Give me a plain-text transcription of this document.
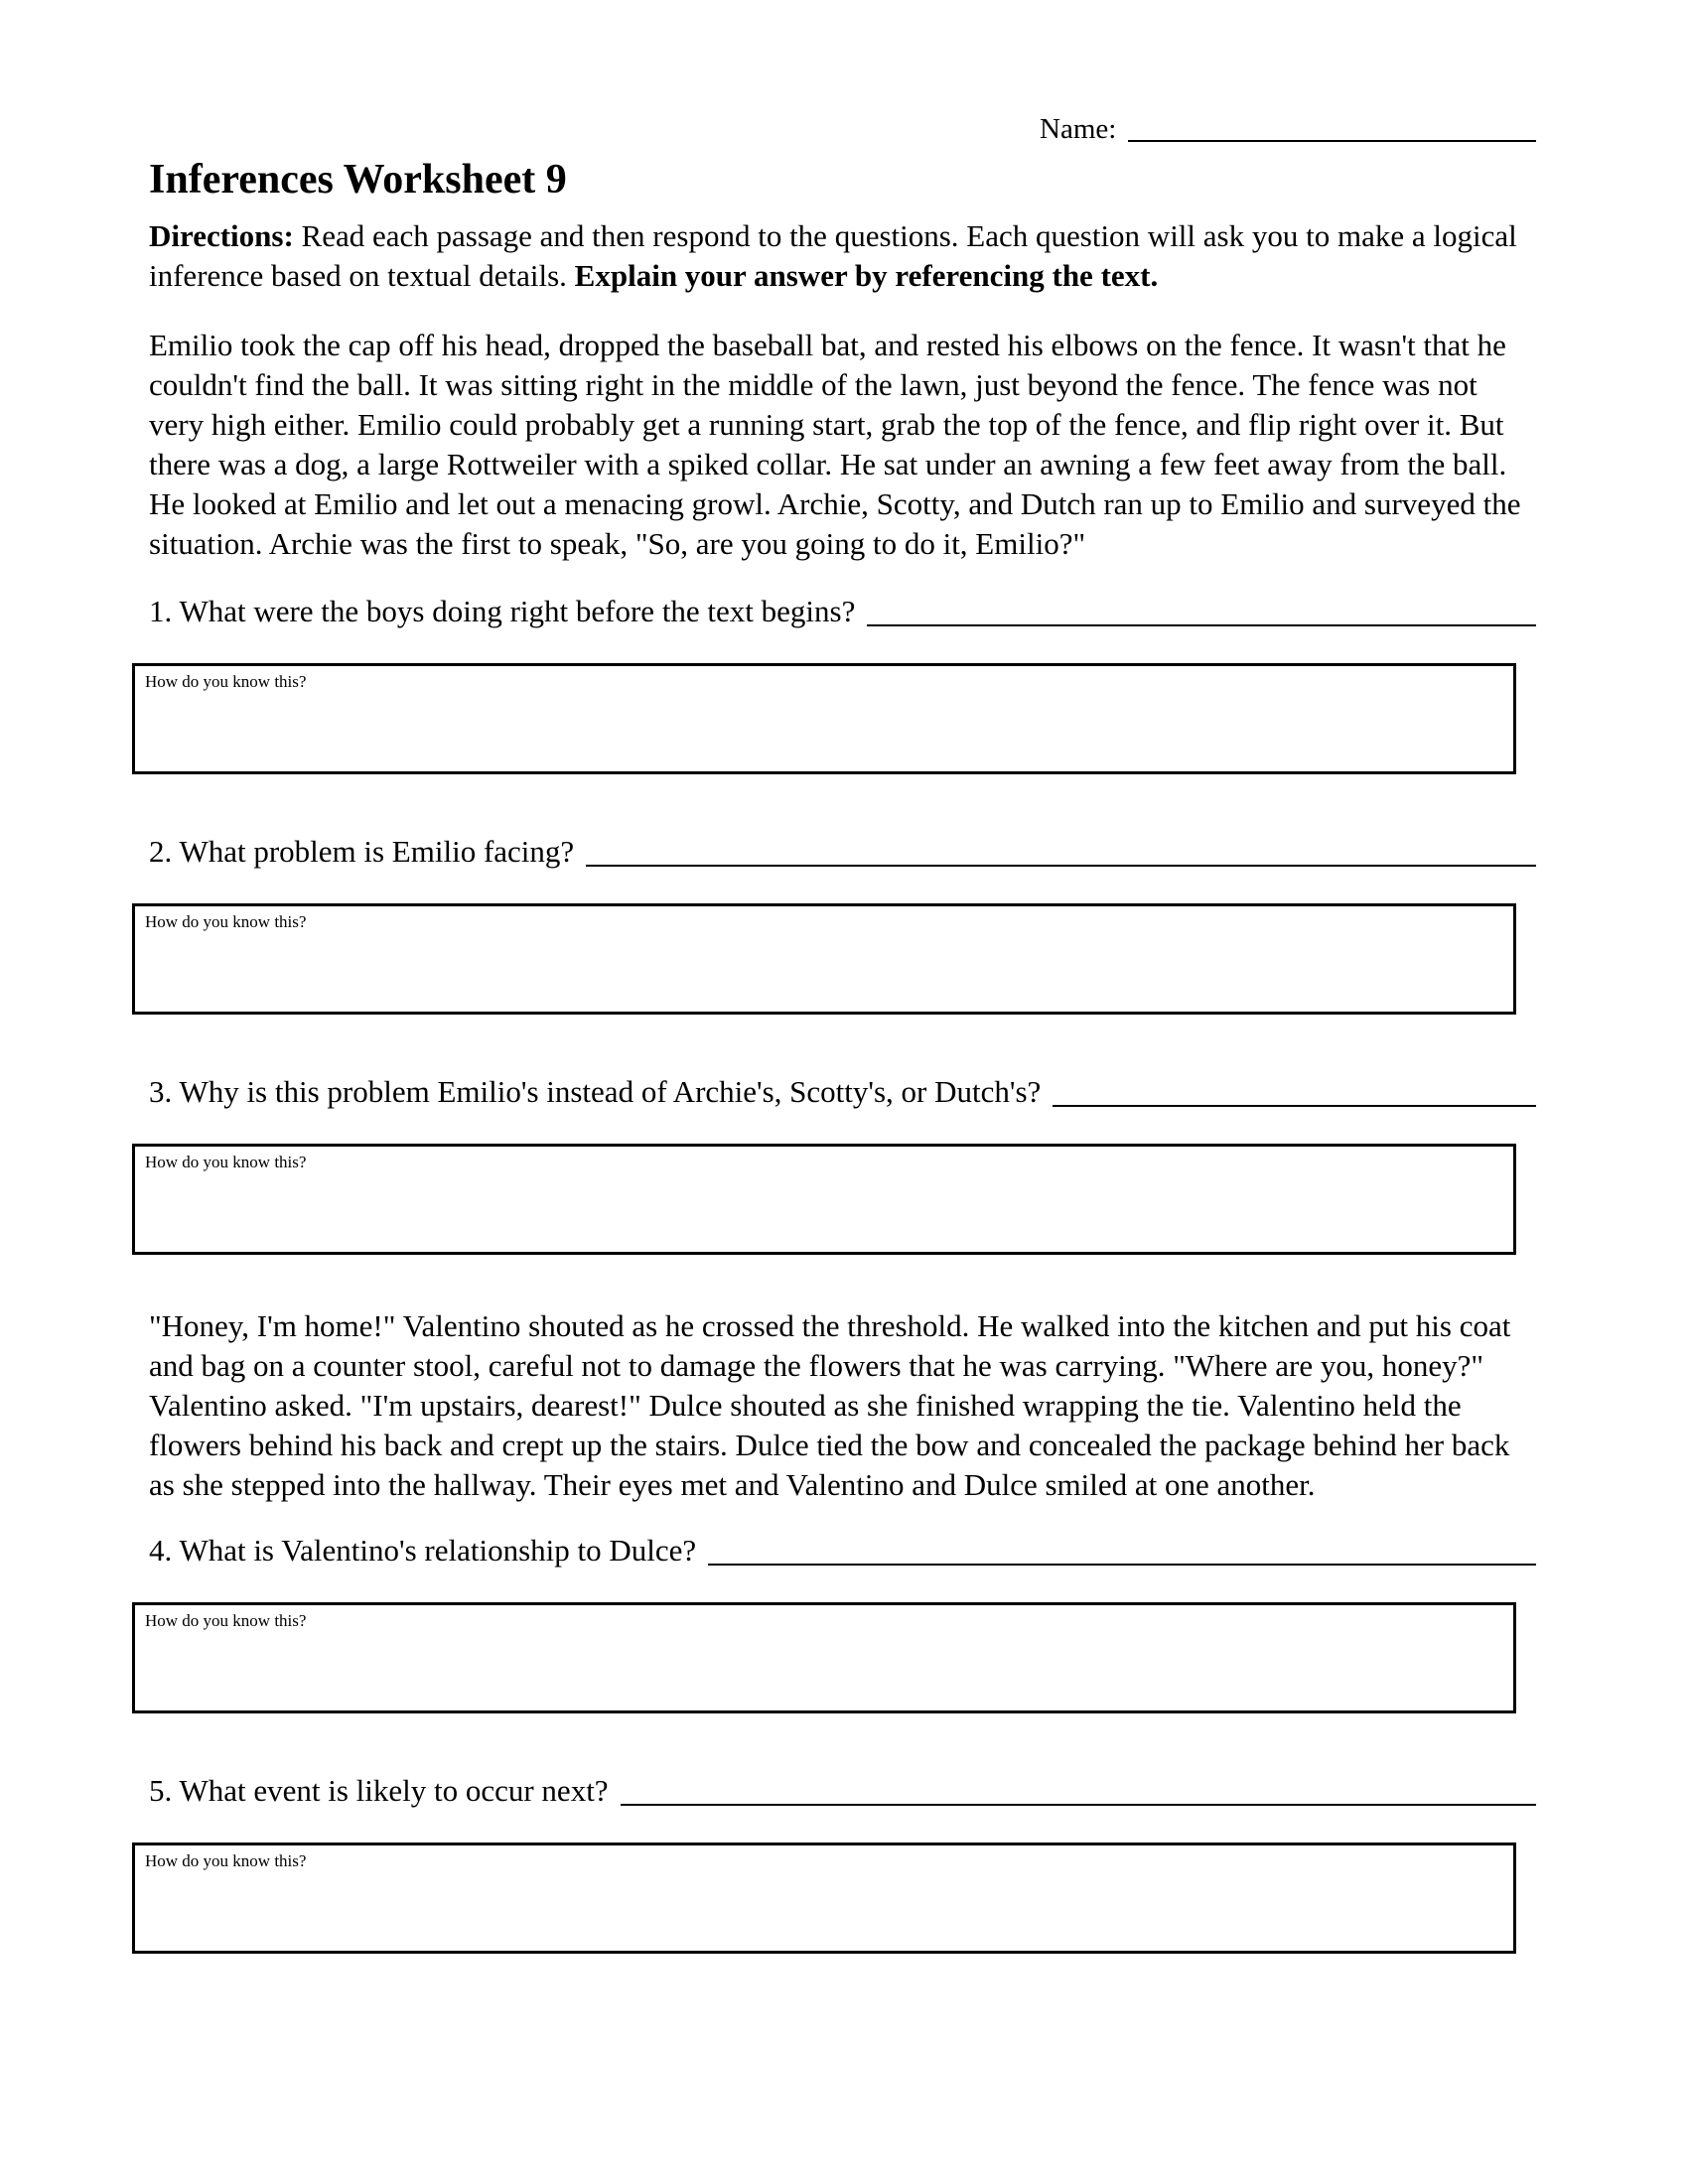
Name:
Inferences Worksheet 9
Directions: Read each passage and then respond to the questions. Each question will ask you to make a logical inference based on textual details. Explain your answer by referencing the text.
Emilio took the cap off his head, dropped the baseball bat, and rested his elbows on the fence. It wasn't that he couldn't find the ball. It was sitting right in the middle of the lawn, just beyond the fence. The fence was not very high either. Emilio could probably get a running start, grab the top of the fence, and flip right over it. But there was a dog, a large Rottweiler with a spiked collar. He sat under an awning a few feet away from the ball. He looked at Emilio and let out a menacing growl. Archie, Scotty, and Dutch ran up to Emilio and surveyed the situation. Archie was the first to speak, "So, are you going to do it, Emilio?"
1. What were the boys doing right before the text begins?
How do you know this?
2. What problem is Emilio facing?
How do you know this?
3. Why is this problem Emilio's instead of Archie's, Scotty's, or Dutch's?
How do you know this?
"Honey, I'm home!" Valentino shouted as he crossed the threshold. He walked into the kitchen and put his coat and bag on a counter stool, careful not to damage the flowers that he was carrying. "Where are you, honey?" Valentino asked. "I'm upstairs, dearest!" Dulce shouted as she finished wrapping the tie. Valentino held the flowers behind his back and crept up the stairs. Dulce tied the bow and concealed the package behind her back as she stepped into the hallway. Their eyes met and Valentino and Dulce smiled at one another.
4. What is Valentino's relationship to Dulce?
How do you know this?
5. What event is likely to occur next?
How do you know this?
